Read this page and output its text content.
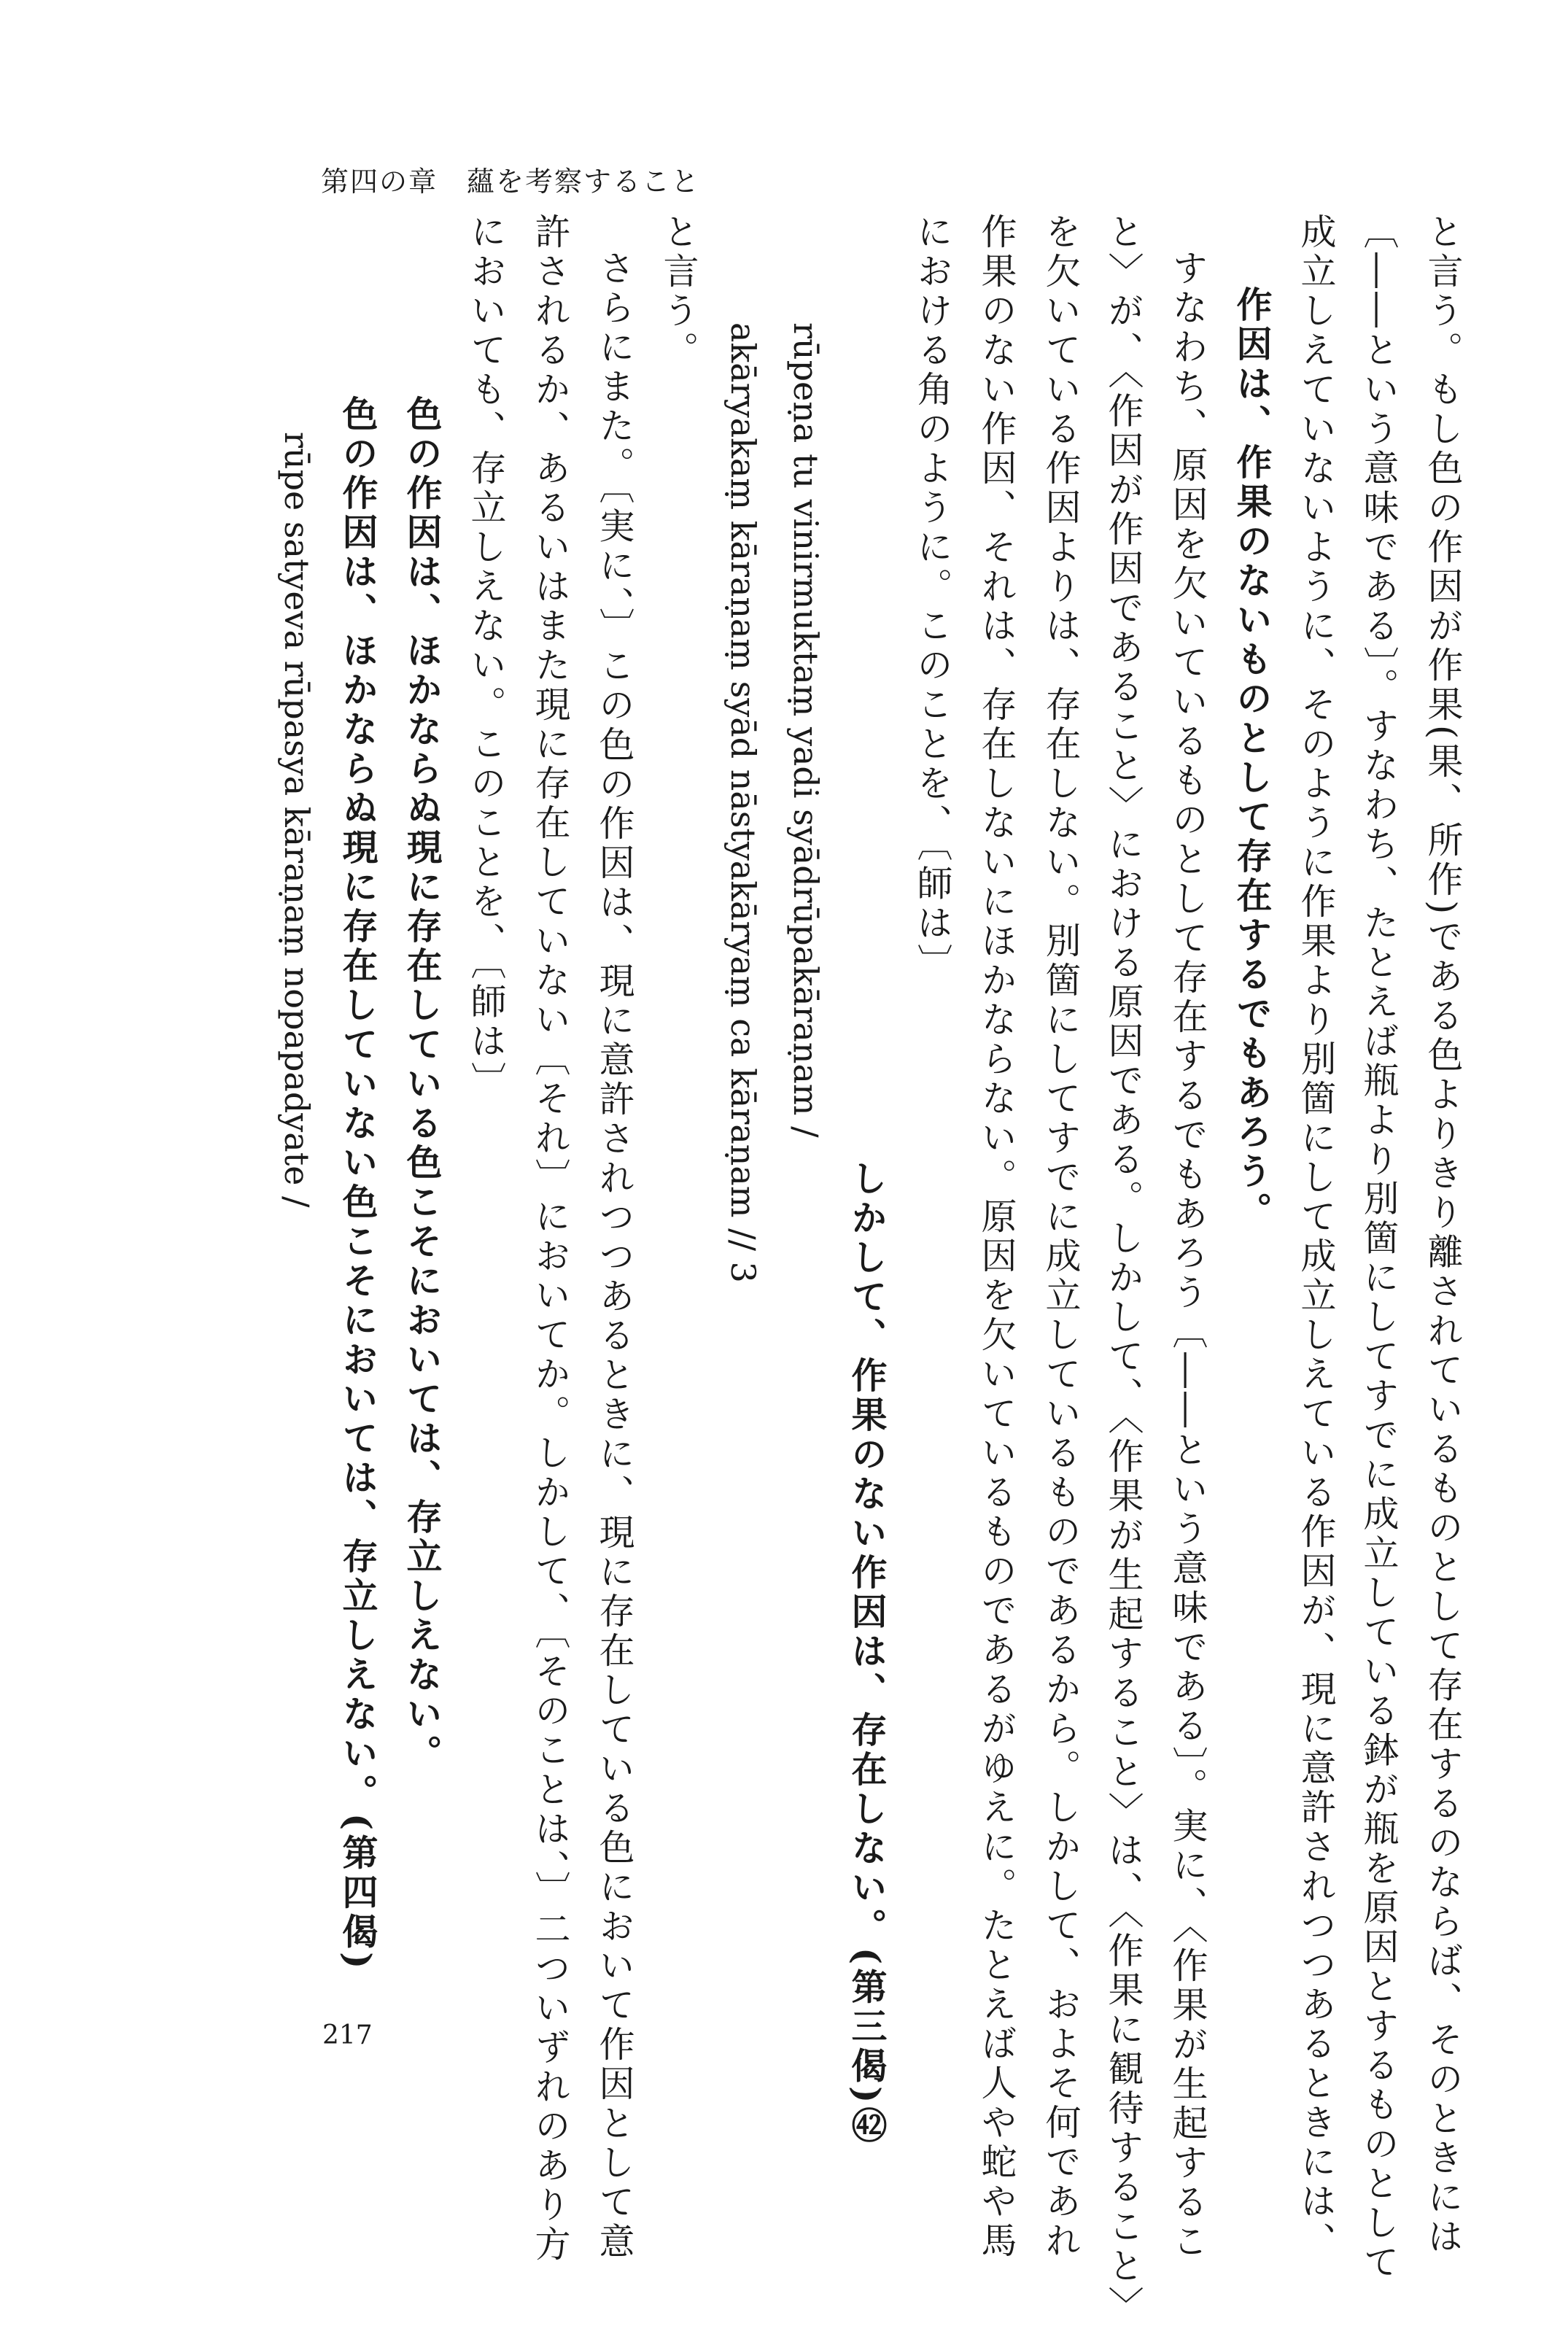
第四の章　蘊を考察すること
と言う。もし色の作因が作果(果、所作)である色よりきり離されているものとして存在するのならば、そのときには
〔――という意味である〕。すなわち、たとえば瓶より別箇にしてすでに成立している鉢が瓶を原因とするものとして
成立しえていないように、そのように作果より別箇にして成立しえている作因が、現に意許されつつあるときには、
作因は、作果のないものとして存在するでもあろう。
すなわち、原因を欠いているものとして存在するでもあろう〔――という意味である〕。実に、〈作果が生起するこ
と〉が、〈作因が作因であること〉における原因である。しかして、〈作果が生起すること〉は、〈作果に観待すること〉
を欠いている作因よりは、存在しない。別箇にしてすでに成立しているものであるから。しかして、およそ何であれ
作果のない作因、それは、存在しないにほかならない。原因を欠いているものであるがゆえに。たとえば人や蛇や馬
における角のように。このことを、〔師は〕
しかして、作果のない作因は、存在しない。(第三偈)㊷
rūpeṇa tu vinirmuktaṃ yadi syādrūpakāraṇam /
akāryakaṃ kāraṇaṃ syād nāstyakāryaṃ ca kāraṇam // 3
と言う。
さらにまた。〔実に、〕この色の作因は、現に意許されつつあるときに、現に存在している色において作因として意
許されるか、あるいはまた現に存在していない〔それ〕においてか。しかして、〔そのことは、〕二ついずれのあり方
においても、存立しえない。このことを、〔師は〕
色の作因は、ほかならぬ現に存在している色こそにおいては、存立しえない。
色の作因は、ほかならぬ現に存在していない色こそにおいては、存立しえない。(第四偈)
rūpe satyeva rūpasya kāraṇaṃ nopapadyate /
217
